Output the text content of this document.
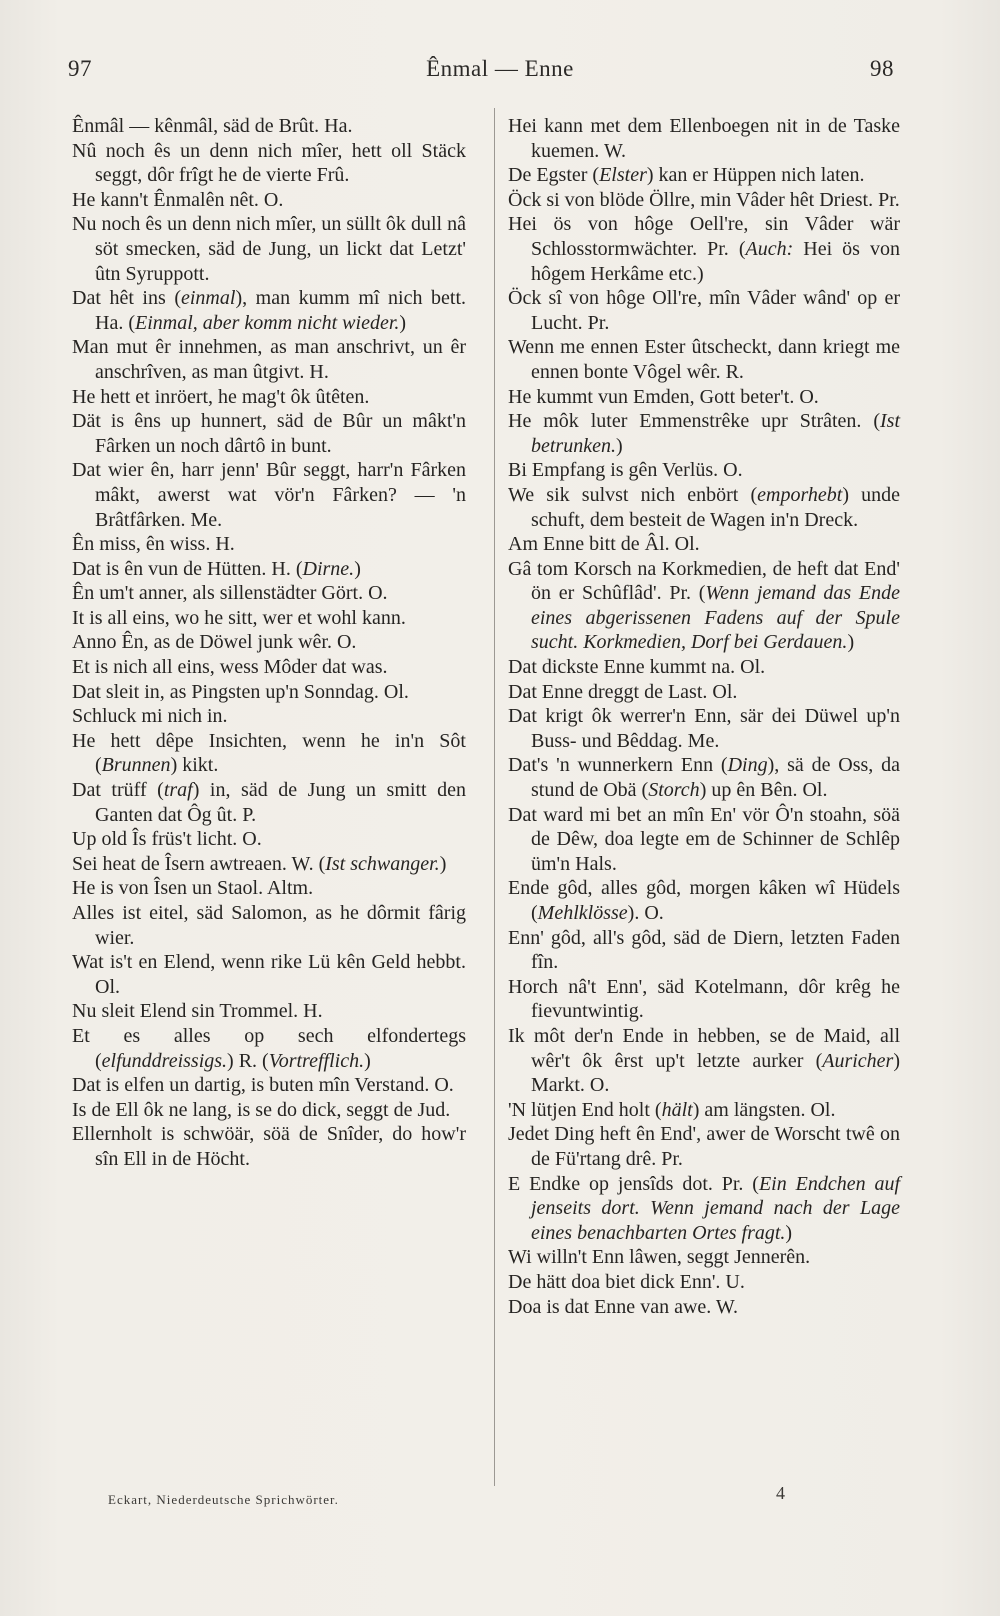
97	Ênmal — Enne	98

Ênmâl — kênmâl, säd de Brût. Ha.

Nû noch ês un denn nich mîer, hett oll Stäck seggt, dôr frîgt he de vierte Frû.

He kann't Ênmalên nêt. O.

Nu noch ês un denn nich mîer, un süllt ôk dull nâ söt smecken, säd de Jung, un lickt dat Letzt' ûtn Syruppott.

Dat hêt ins (einmal), man kumm mî nich bett. Ha. (Einmal, aber komm nicht wieder.)

Man mut êr innehmen, as man anschrivt, un êr anschrîven, as man ûtgivt. H.

He hett et inröert, he mag't ôk ûtêten.

Dät is êns up hunnert, säd de Bûr un mâkt'n Fârken un noch dârtô in bunt.

Dat wier ên, harr jenn' Bûr seggt, harr'n Fârken mâkt, awerst wat vör'n Fârken? — 'n Brâtfârken. Me.

Ên miss, ên wiss. H.

Dat is ên vun de Hütten. H. (Dirne.)

Ên um't anner, als sillenstädter Gört. O.

It is all eins, wo he sitt, wer et wohl kann.

Anno Ên, as de Döwel junk wêr. O.

Et is nich all eins, wess Môder dat was.

Dat sleit in, as Pingsten up'n Sonndag. Ol.

Schluck mi nich in.

He hett dêpe Insichten, wenn he in'n Sôt (Brunnen) kikt.

Dat trüff (traf) in, säd de Jung un smitt den Ganten dat Ôg ût. P.

Up old Îs früs't licht. O.

Sei heat de Îsern awtreaen. W. (Ist schwanger.)

He is von Îsen un Staol. Altm.

Alles ist eitel, säd Salomon, as he dôrmit fârig wier.

Wat is't en Elend, wenn rike Lü kên Geld hebbt. Ol.

Nu sleit Elend sin Trommel. H.

Et es alles op sech elfondertegs (elfunddreissigs.) R. (Vortrefflich.)

Dat is elfen un dartig, is buten mîn Verstand. O.

Is de Ell ôk ne lang, is se do dick, seggt de Jud.

Ellernholt is schwöär, söä de Snîder, do how'r sîn Ell in de Höcht.

Hei kann met dem Ellenboegen nit in de Taske kuemen. W.

De Egster (Elster) kan er Hüppen nich laten.

Öck si von blöde Öllre, min Vâder hêt Driest. Pr.

Hei ös von hôge Oell're, sin Vâder wär Schlosstormwächter. Pr. (Auch: Hei ös von hôgem Herkâme etc.)

Öck sî von hôge Oll're, mîn Vâder wând' op er Lucht. Pr.

Wenn me ennen Ester ûtscheckt, dann kriegt me ennen bonte Vôgel wêr. R.

He kummt vun Emden, Gott beter't. O.

He môk luter Emmenstrêke upr Strâten. (Ist betrunken.)

Bi Empfang is gên Verlüs. O.

We sik sulvst nich enbört (emporhebt) unde schuft, dem besteit de Wagen in'n Dreck.

Am Enne bitt de Âl. Ol.

Gâ tom Korsch na Korkmedien, de heft dat End' ön er Schûflâd'. Pr. (Wenn jemand das Ende eines abgerissenen Fadens auf der Spule sucht. Korkmedien, Dorf bei Gerdauen.)

Dat dickste Enne kummt na. Ol.

Dat Enne dreggt de Last. Ol.

Dat krigt ôk werrer'n Enn, sär dei Düwel up'n Buss- und Bêddag. Me.

Dat's 'n wunnerkern Enn (Ding), sä de Oss, da stund de Obä (Storch) up ên Bên. Ol.

Dat ward mi bet an mîn En' vör Ô'n stoahn, söä de Dêw, doa legte em de Schinner de Schlêp üm'n Hals.

Ende gôd, alles gôd, morgen kâken wî Hüdels (Mehlklösse). O.

Enn' gôd, all's gôd, säd de Diern, letzten Faden fîn.

Horch nâ't Enn', säd Kotelmann, dôr krêg he fievuntwintig.

Ik môt der'n Ende in hebben, se de Maid, all wêr't ôk êrst up't letzte aurker (Auricher) Markt. O.

'N lütjen End holt (hält) am längsten. Ol.

Jedet Ding heft ên End', awer de Worscht twê on de Fü'rtang drê. Pr.

E Endke op jensîds dot. Pr. (Ein Endchen auf jenseits dort. Wenn jemand nach der Lage eines benachbarten Ortes fragt.)

Wi willn't Enn lâwen, seggt Jennerên.

De hätt doa biet dick Enn'. U.

Doa is dat Enne van awe. W.

Eckart, Niederdeutsche Sprichwörter.	4
